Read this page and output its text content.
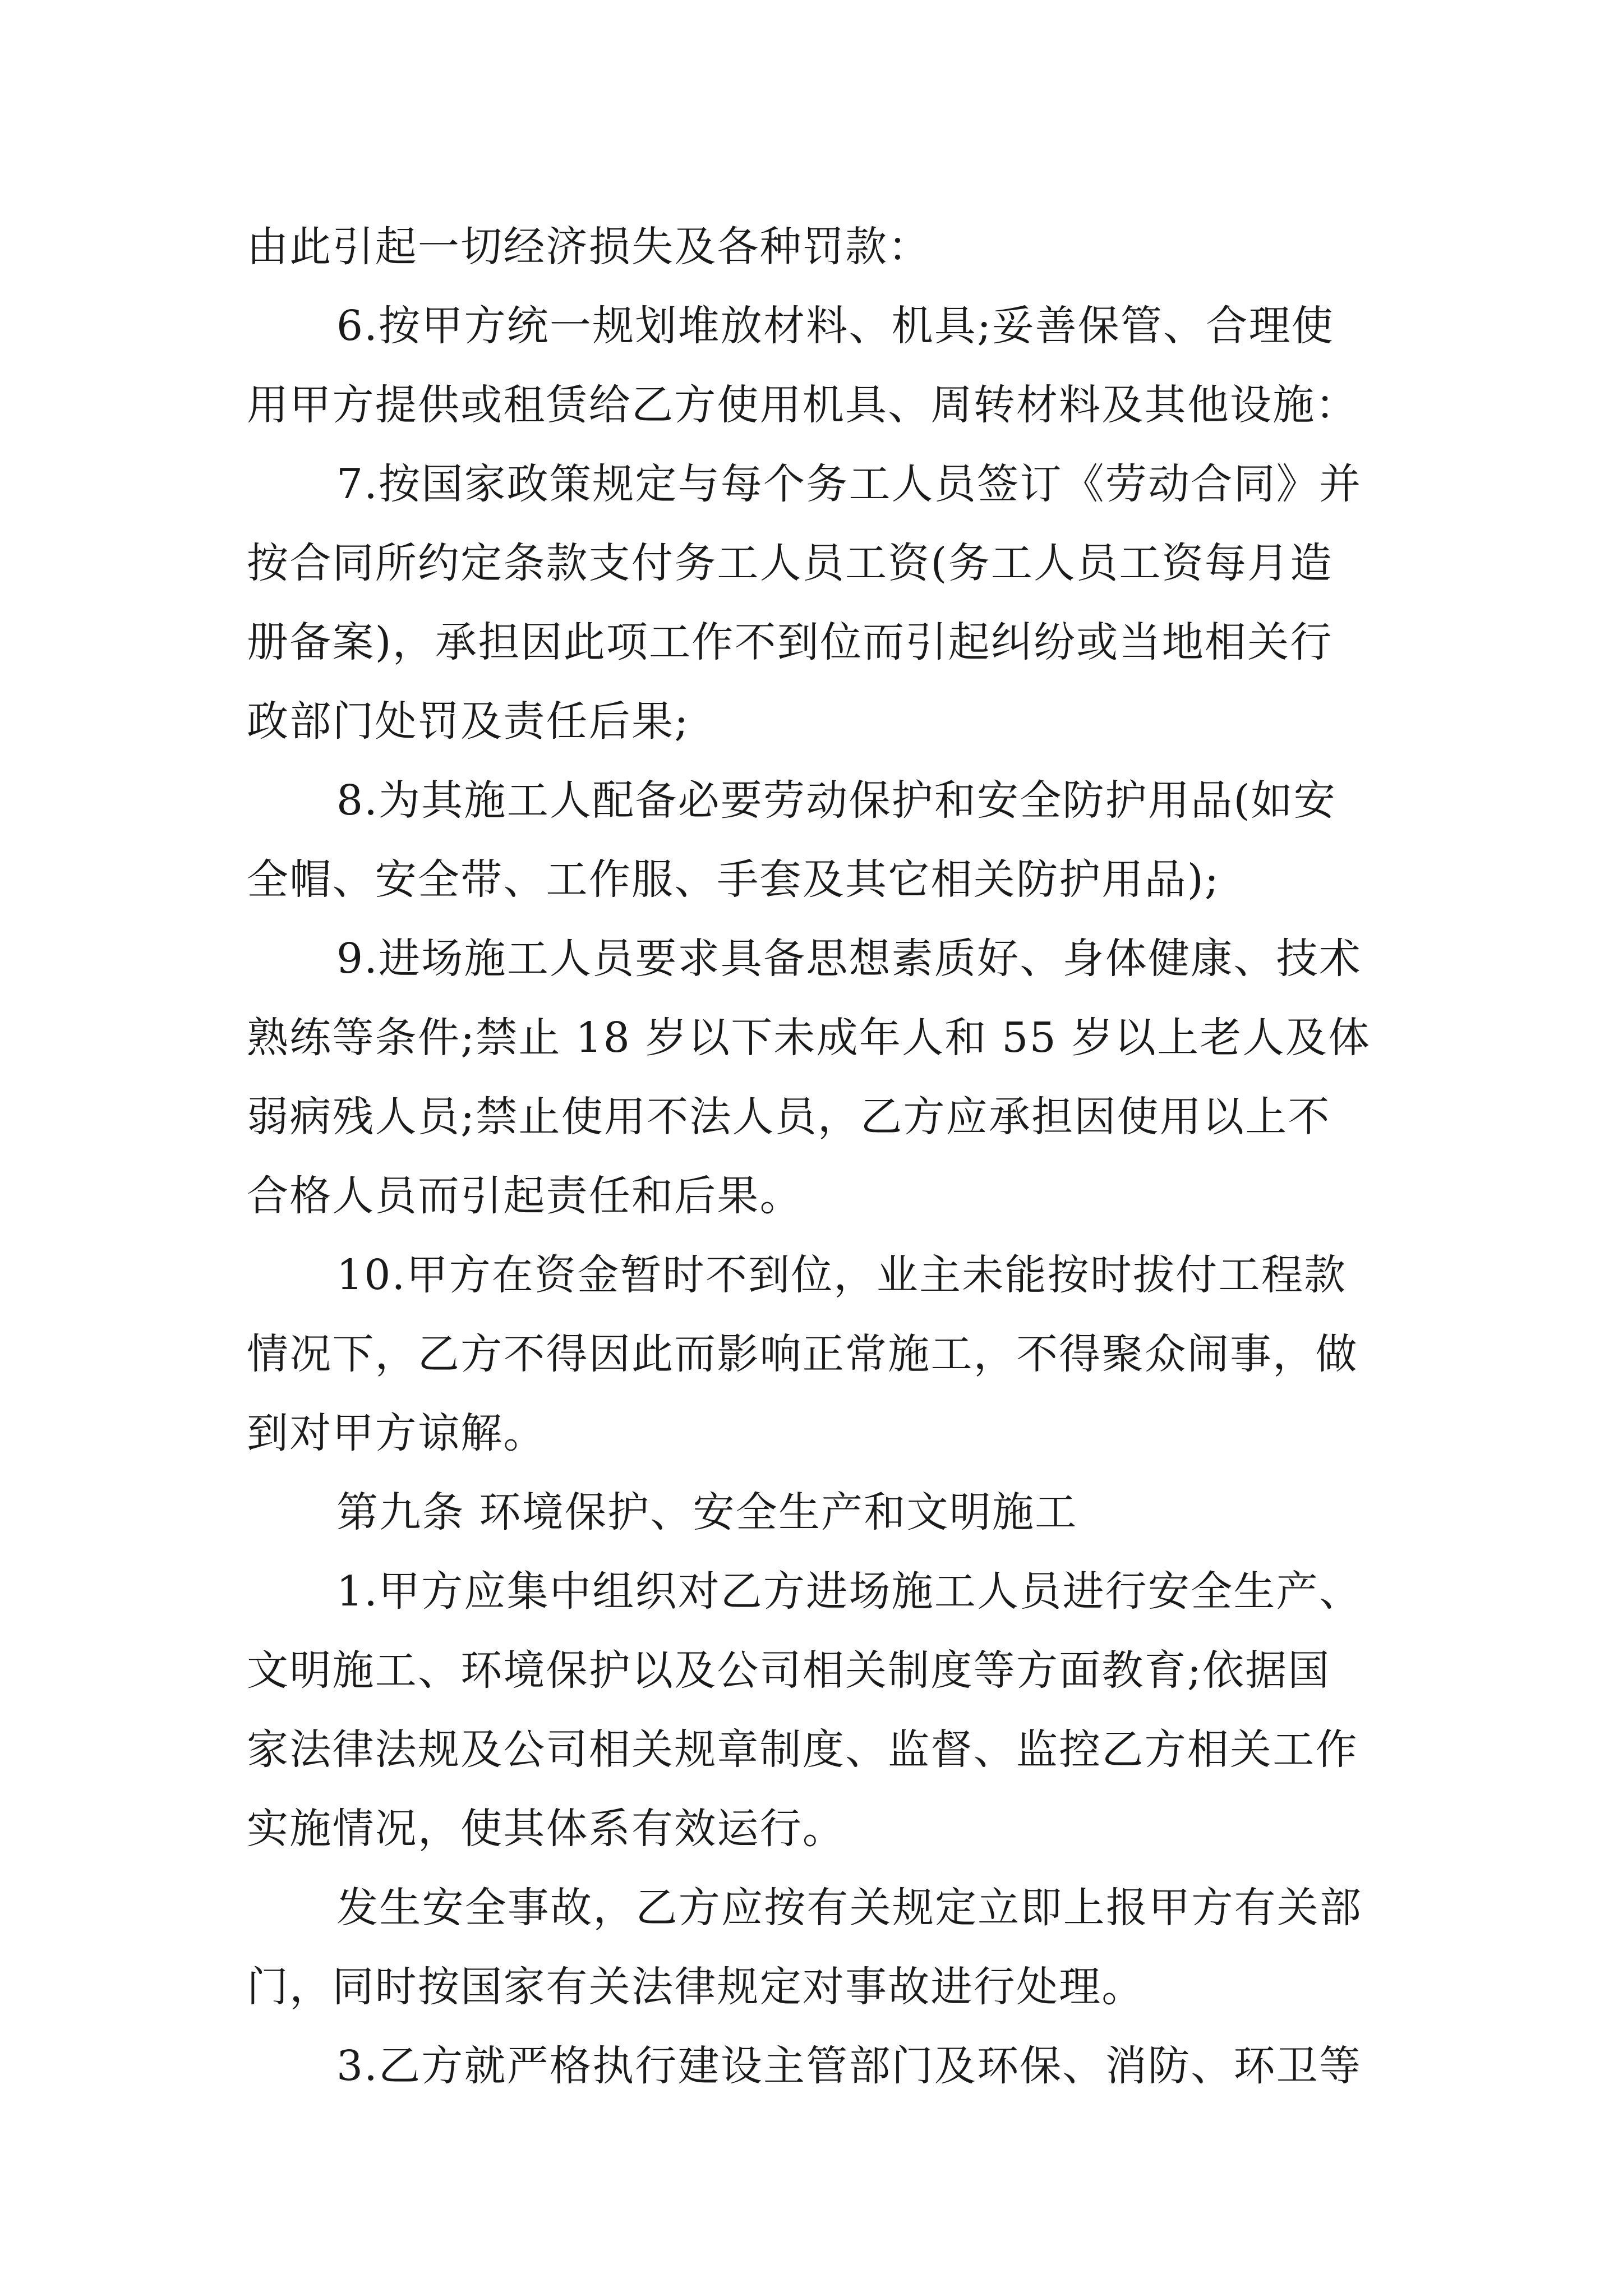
由此引起一切经济损失及各种罚款：
6.按甲方统一规划堆放材料、机具;妥善保管、合理使
用甲方提供或租赁给乙方使用机具、周转材料及其他设施：
7.按国家政策规定与每个务工人员签订《劳动合同》并
按合同所约定条款支付务工人员工资(务工人员工资每月造
册备案)，承担因此项工作不到位而引起纠纷或当地相关行
政部门处罚及责任后果;
8.为其施工人配备必要劳动保护和安全防护用品(如安
全帽、安全带、工作服、手套及其它相关防护用品);
9.进场施工人员要求具备思想素质好、身体健康、技术
熟练等条件;禁止 18 岁以下未成年人和 55 岁以上老人及体
弱病残人员;禁止使用不法人员，乙方应承担因使用以上不
合格人员而引起责任和后果。
10.甲方在资金暂时不到位，业主未能按时拔付工程款
情况下，乙方不得因此而影响正常施工，不得聚众闹事，做
到对甲方谅解。
第九条 环境保护、安全生产和文明施工
1.甲方应集中组织对乙方进场施工人员进行安全生产、
文明施工、环境保护以及公司相关制度等方面教育;依据国
家法律法规及公司相关规章制度、监督、监控乙方相关工作
实施情况，使其体系有效运行。
发生安全事故，乙方应按有关规定立即上报甲方有关部
门，同时按国家有关法律规定对事故进行处理。
3.乙方就严格执行建设主管部门及环保、消防、环卫等
